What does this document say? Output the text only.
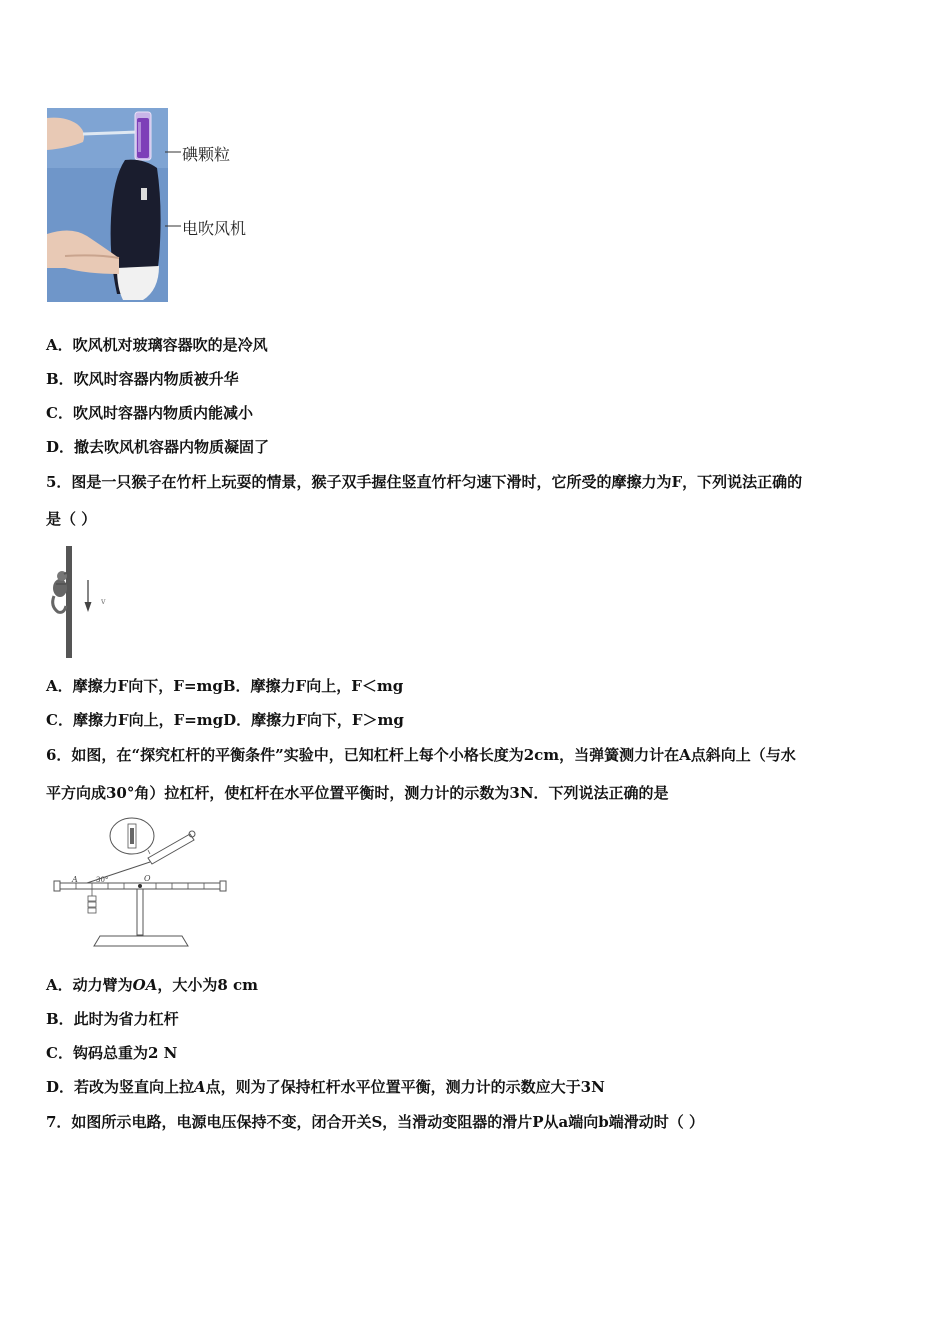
碘颗粒
电吹风机
A．吹风机对玻璃容器吹的是冷风
B．吹风时容器内物质被升华
C．吹风时容器内物质内能减小
D．撤去吹风机容器内物质凝固了
5．图是一只猴子在竹杆上玩耍的情景，猴子双手握住竖直竹杆匀速下滑时，它所受的摩擦力为F，下列说法正确的
是（ ）
v
A．摩擦力F向下，F=mgB．摩擦力F向上，F＜mg
C．摩擦力F向上，F=mgD．摩擦力F向下，F＞mg
6．如图，在“探究杠杆的平衡条件”实验中，已知杠杆上每个小格长度为2cm，当弹簧测力计在A点斜向上（与水
平方向成30°角）拉杠杆，使杠杆在水平位置平衡时，测力计的示数为3N．下列说法正确的是
A	30°	O
A．动力臂为OA，大小为8 cm
B．此时为省力杠杆
C．钩码总重为2 N
D．若改为竖直向上拉A点，则为了保持杠杆水平位置平衡，测力计的示数应大于3N
7．如图所示电路，电源电压保持不变，闭合开关S，当滑动变阻器的滑片P从a端向b端滑动时（ ）
